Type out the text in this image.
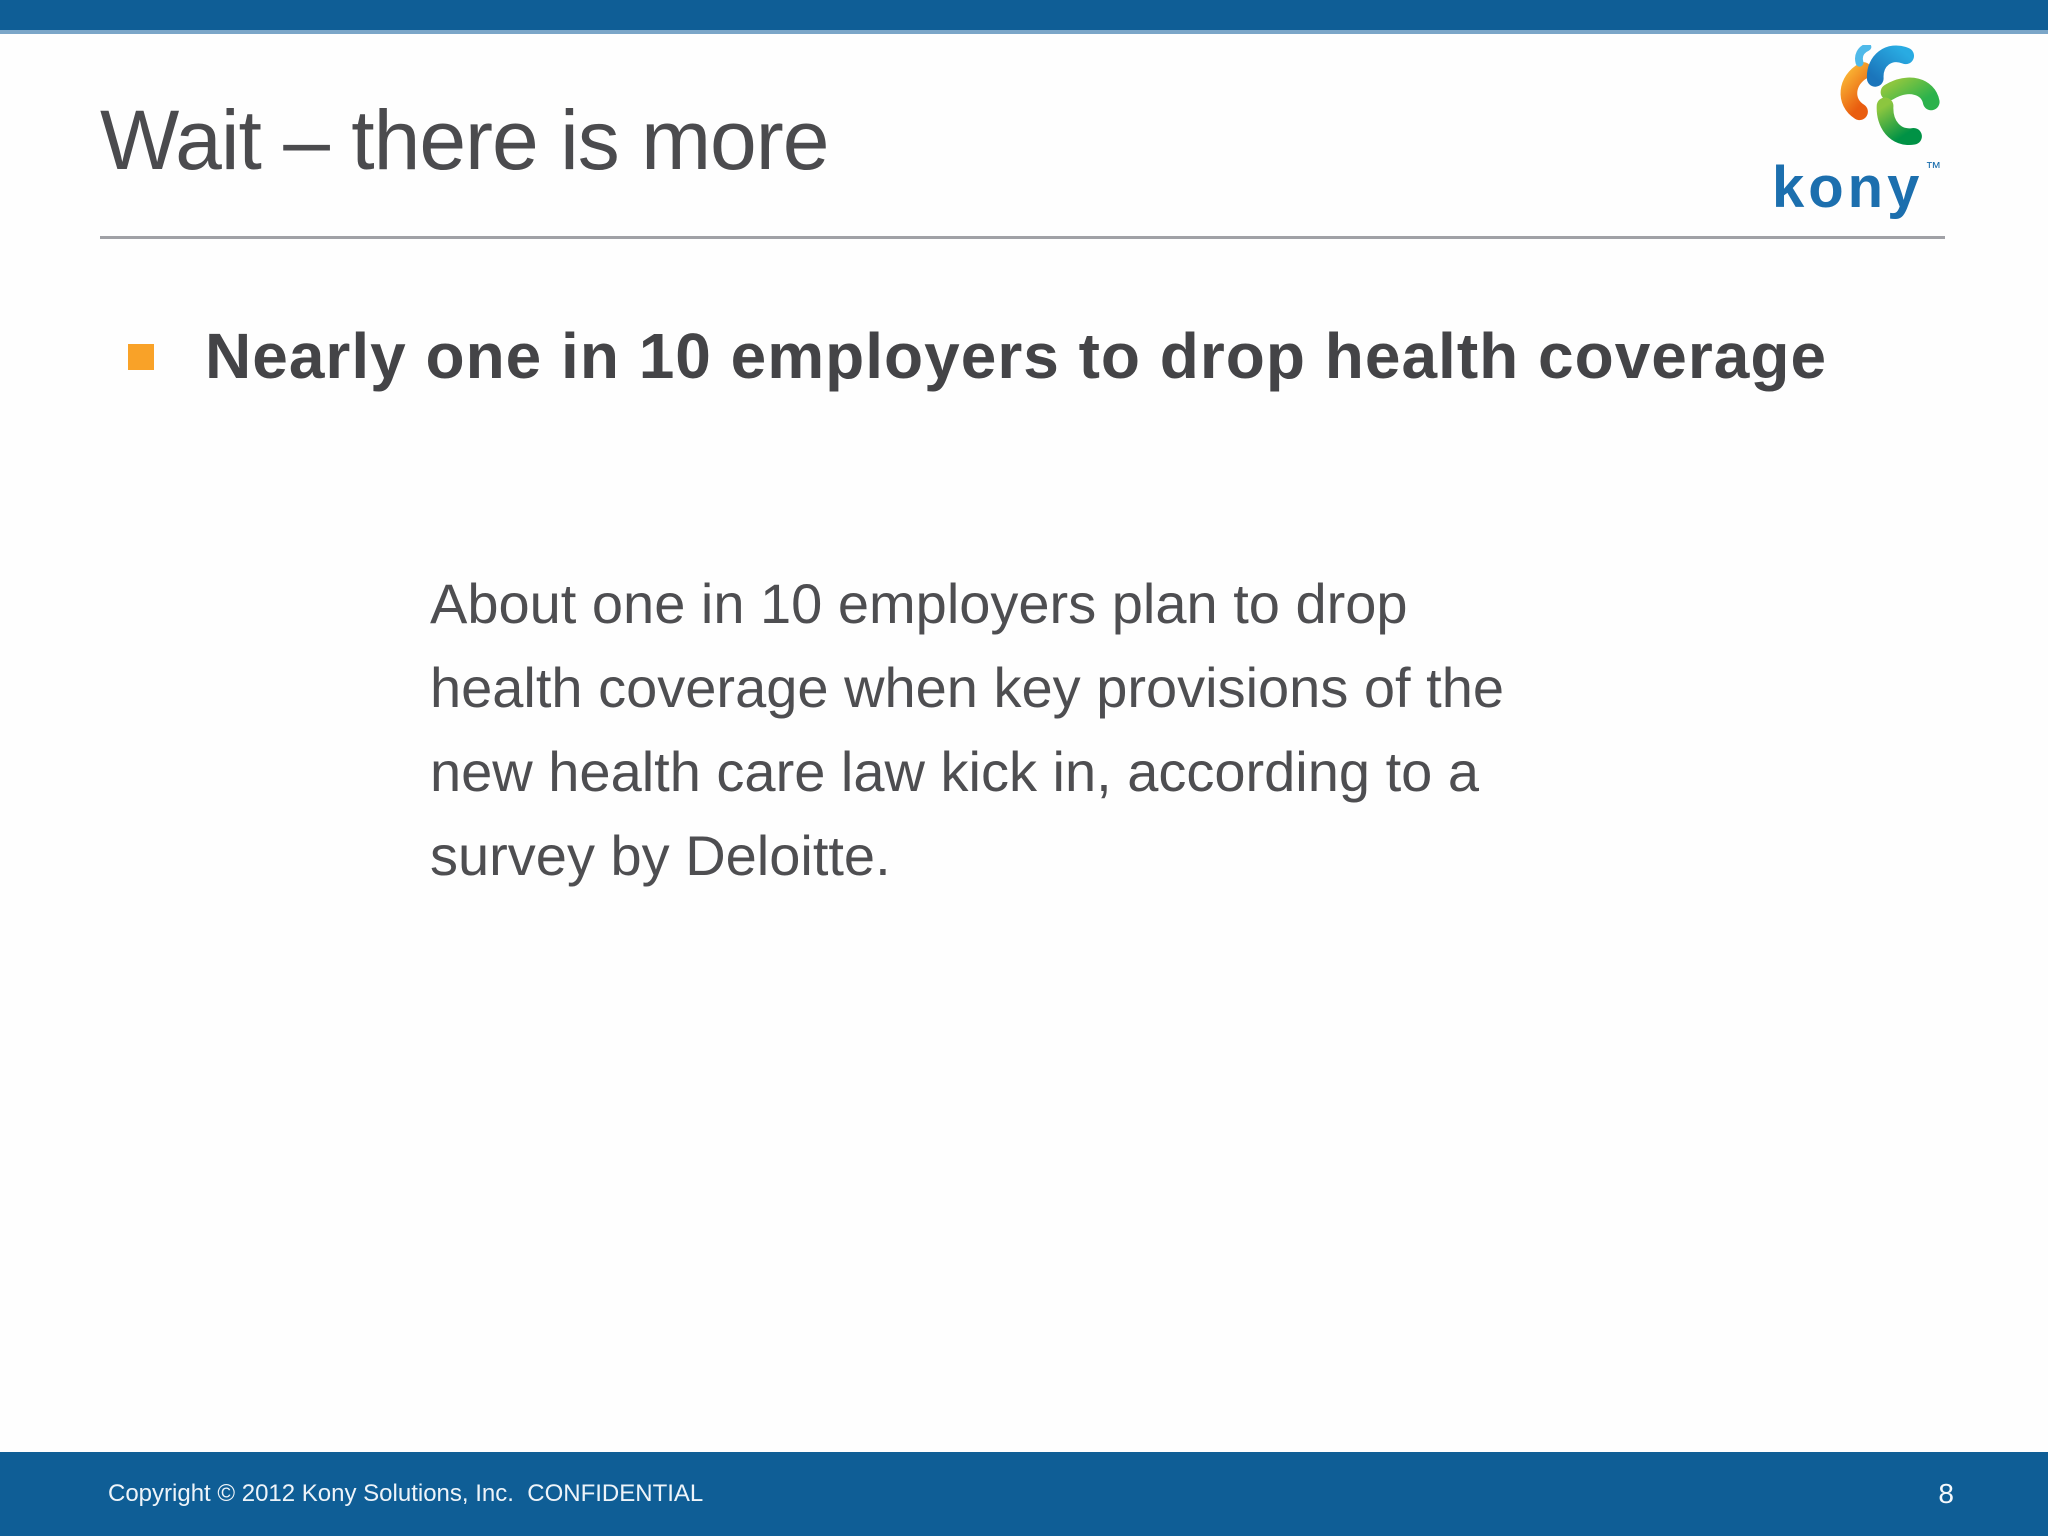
Wait – there is more
kony ™
Nearly one in 10 employers to drop health coverage
About one in 10 employers plan to drop
health coverage when key provisions of the
new health care law kick in, according to a
survey by Deloitte.
Copyright © 2012 Kony Solutions, Inc.  CONFIDENTIAL	8
